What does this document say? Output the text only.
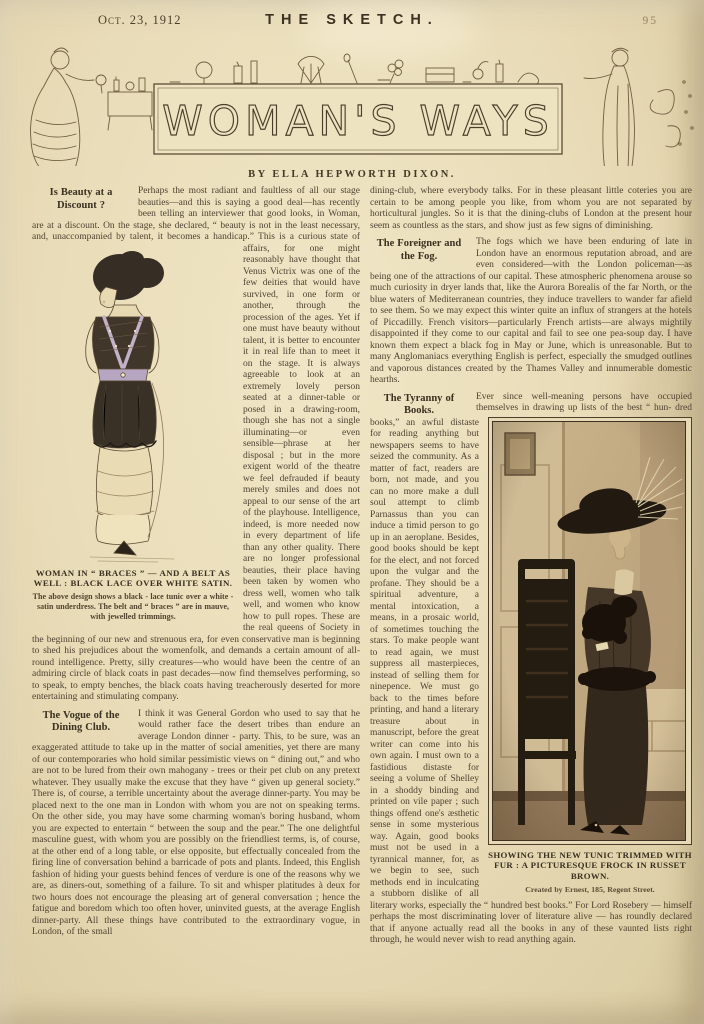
Oct. 23, 1912	THE SKETCH.	95
WOMAN'S WAYS
BY ELLA HEPWORTH DIXON.

Is Beauty at a Discount ?
Perhaps the most radiant and faultless of all our stage beauties—and this is saying a good deal—has recently been telling an interviewer that good looks, in Woman, are at a discount. On the stage, she declared, “ beauty is not in the least necessary, and, unaccompanied by talent, it becomes a handicap.” This is a curious state of affairs,
WOMAN IN “ BRACES ” — AND A BELT AS WELL : BLACK LACE OVER WHITE SATIN.
The above design shows a black - lace tunic over a white - satin underdress. The belt and “ braces ” are in mauve, with jewelled trimmings.
for one might reasonably have thought that Venus Victrix was one of the few deities that would have survived, in one form or another, through the procession of the ages. Yet if one must have beauty without talent, it is better to encounter it in real life than to meet it on the stage. It is always agreeable to look at an extremely lovely person seated at a dinner-table or posed in a drawing-room, though she has not a single illuminating—or even sensible—phrase at her disposal ; but in the more exigent world of the theatre we feel defrauded if beauty merely smiles and does not appeal to our sense of the art of the playhouse. Intelligence, indeed, is more needed now in every department of life than any other quality. There are no longer professional beauties, their place having been taken by women who dress well, women who talk well, and women who know how to pull ropes. These are the real queens of Society in the beginning of our new and strenuous era, for even conservative man is beginning to shed his prejudices about the womenfolk, and demands a certain amount of all-round intelligence. Pretty, silly creatures—who would have been the centre of an admiring circle of black coats in past decades—now find themselves performing, so to speak, to empty benches, the black coats having treacherously deserted for more entertaining and stimulating company.

The Vogue of the Dining Club.
I think it was General Gordon who used to say that he would rather face the desert tribes than endure an average London dinner - party. This, to be sure, was an exaggerated attitude to take up in the matter of social amenities, yet there are many of our contemporaries who hold similar pessimistic views on “ dining out,” and who are not to be lured from their own mahogany - trees or their pet club on any pretext whatever. They usually make the excuse that they have “ given up general society.” There is, of course, a terrible uncertainty about the average dinner-party. You may be placed next to the one man in London with whom you are not on speaking terms. On the other side, you may have some charming woman's boring husband, whom you are expected to entertain “ between the soup and the pear.” The one delightful masculine guest, with whom you are possibly on the friendliest terms, is, of course, at the other end of a long table, or else opposite, but effectually concealed from the firing line of conversation behind a barricade of pots and plants. Indeed, this English fashion of hiding your guests behind fences of verdure is one of the reasons why we are, as diners-out, something of a failure. To sit and whisper platitudes à deux for two hours does not encourage the pleasing art of general conversation ; hence the fatigue and boredom which too often hover, uninvited guests, at the average English dinner-party. All these things have contributed to the extraordinary vogue, in London, of the small

dining-club, where everybody talks. For in these pleasant little coteries you are certain to be among people you like, from whom you are not separated by horticultural jungles. So it is that the dining-clubs of London at the present hour seem as countless as the stars, and show just as few signs of diminishing.

The Foreigner and the Fog.
The fogs which we have been enduring of late in London have an enormous reputation abroad, and are even considered—with the London policeman—as being one of the attractions of our capital. These atmospheric phenomena arouse so much curiosity in dryer lands that, like the Aurora Borealis of the far North, or the blue waters of Mediterranean countries, they induce travellers to wander far afield to see them. So we may expect this winter quite an influx of strangers at the hotels of Piccadilly. French visitors—particularly French artists—are always mightily disappointed if they come to our capital and fail to see one pea-soup day. I have known them expect a black fog in May or June, which is unreasonable. But to many Anglomaniacs everything English is perfect, especially the smudged outlines and vaporous distances created by the Thames Valley and innumerable domestic hearths.

The Tyranny of Books.
Ever since well-meaning persons have occupied themselves in drawing up lists of the best “ hun-
SHOWING THE NEW TUNIC TRIMMED WITH FUR : A PICTURESQUE FROCK IN RUSSET BROWN.
Created by Ernest, 185, Regent Street.
dred books,” an awful distaste for reading anything but newspapers seems to have seized the community. As a matter of fact, readers are born, not made, and you can no more make a dull soul attempt to climb Parnassus than you can induce a timid person to go up in an aeroplane. Besides, good books should be kept for the elect, and not forced upon the vulgar and the profane. They should be a spiritual adventure, a mental intoxication, a means, in a prosaic world, of sometimes touching the stars. To make people want to read again, we must suppress all masterpieces, instead of selling them for ninepence. We must go back to the times before printing, and hand a literary treasure about in manuscript, before the great writer can come into his own again. I must own to a fastidious distaste for seeing a volume of Shelley in a shoddy binding and printed on vile paper ; such things offend one's æsthetic sense in some mysterious way. Again, good books must not be used in a tyrannical manner, for, as we begin to see, such methods end in inculcating a stubborn dislike of all literary works, especially the “ hundred best books.” For Lord Rosebery — himself perhaps the most discriminating lover of literature alive — has roundly declared that if anyone actually read all the books in any of these vaunted lists right through, he would never wish to read anything again.
